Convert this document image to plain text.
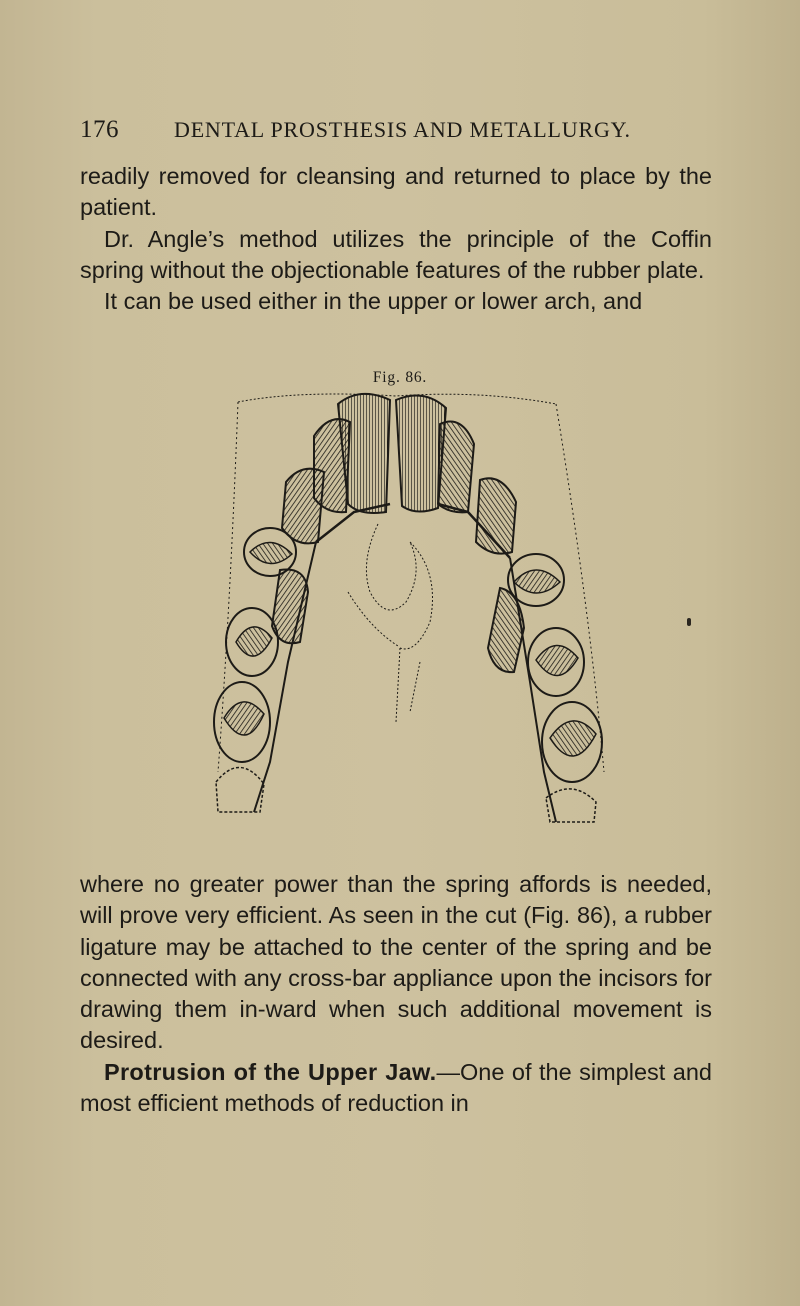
176	DENTAL PROSTHESIS AND METALLURGY.

readily removed for cleansing and returned to place by the patient.

Dr. Angle’s method utilizes the principle of the Coffin spring without the objectionable features of the rubber plate.

It can be used either in the upper or lower arch, and

Fig. 86.

where no greater power than the spring affords is needed, will prove very efficient. As seen in the cut (Fig. 86), a rubber ligature may be attached to the center of the spring and be connected with any cross-bar appliance upon the incisors for drawing them in-ward when such additional movement is desired.

Protrusion of the Upper Jaw.—One of the simplest and most efficient methods of reduction in
